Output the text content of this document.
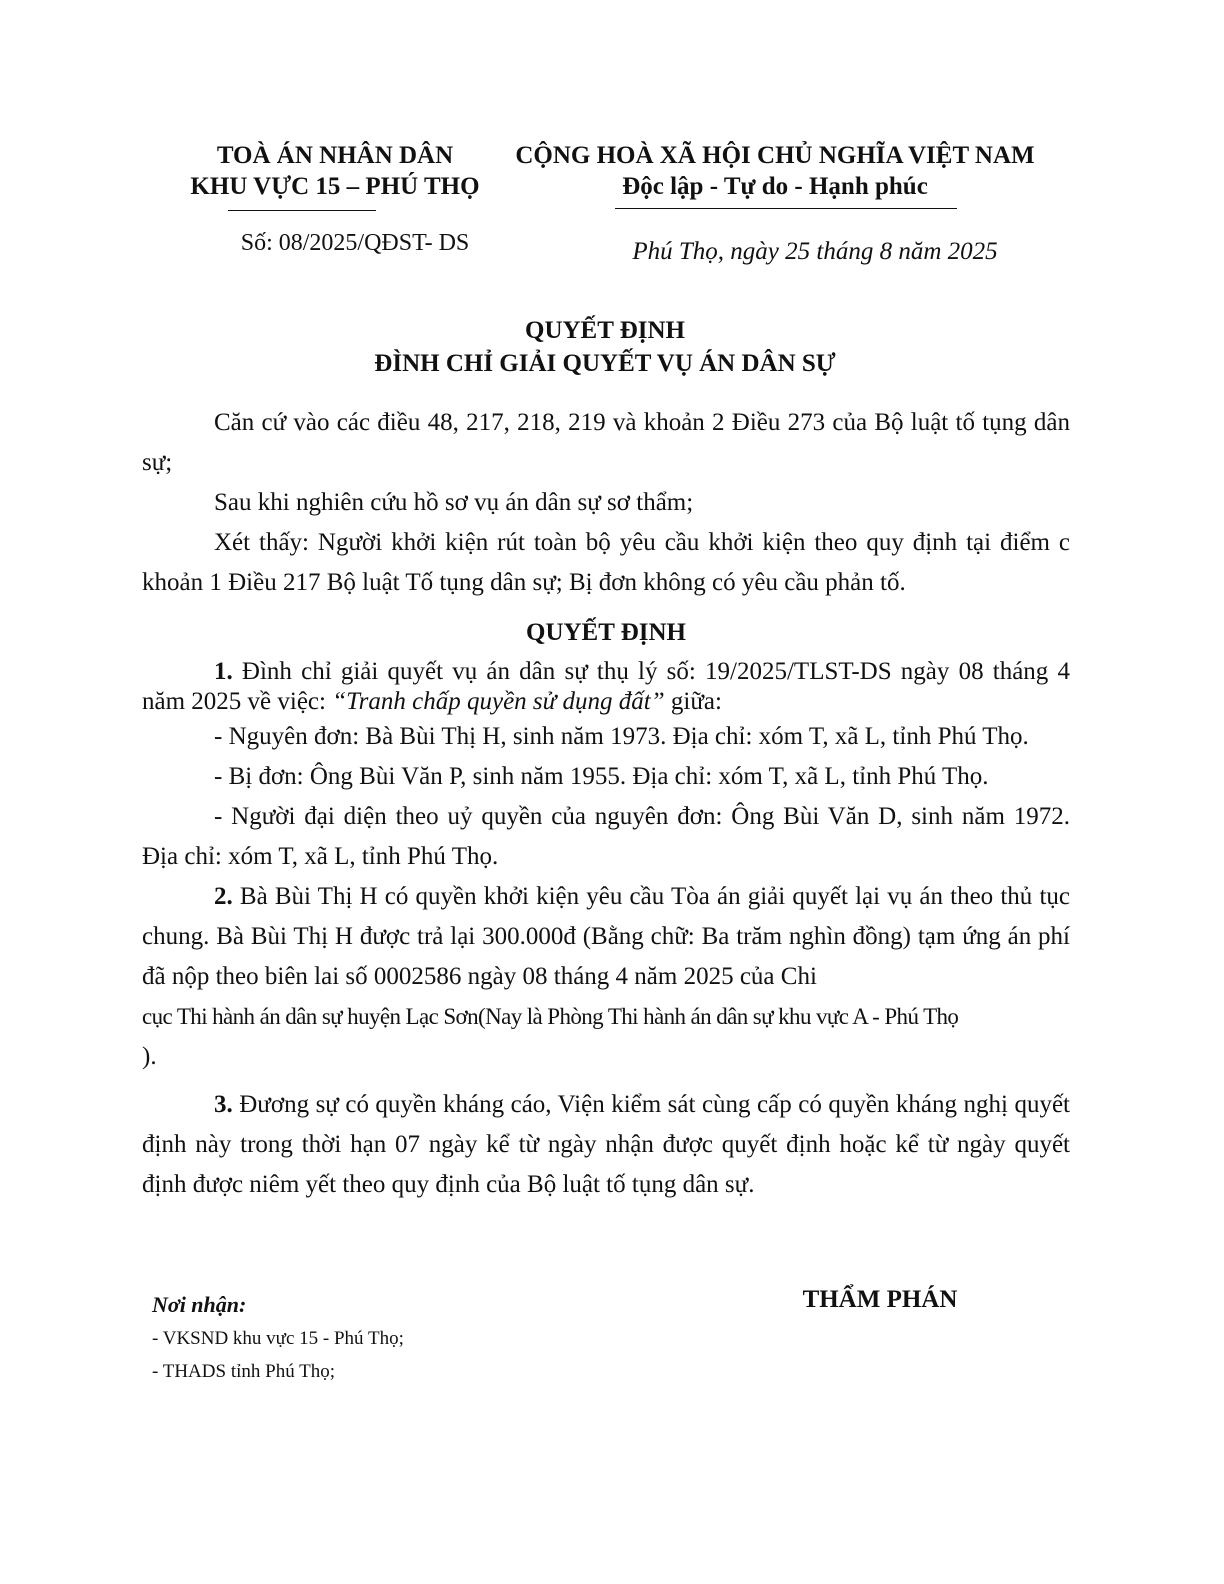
TOÀ ÁN NHÂN DÂN
KHU VỰC 15 – PHÚ THỌ
CỘNG HOÀ XÃ HỘI CHỦ NGHĨA VIỆT NAM
Độc lập - Tự do - Hạnh phúc
Số: 08/2025/QĐST- DS	Phú Thọ, ngày 25 tháng 8 năm 2025
QUYẾT ĐỊNH
ĐÌNH CHỈ GIẢI QUYẾT VỤ ÁN DÂN SỰ

Căn cứ vào các điều 48, 217, 218, 219 và khoản 2 Điều 273 của Bộ luật tố tụng dân sự;

Sau khi nghiên cứu hồ sơ vụ án dân sự sơ thẩm;

Xét thấy: Người khởi kiện rút toàn bộ yêu cầu khởi kiện theo quy định tại điểm c khoản 1 Điều 217 Bộ luật Tố tụng dân sự; Bị đơn không có yêu cầu phản tố.

QUYẾT ĐỊNH

1. Đình chỉ giải quyết vụ án dân sự thụ lý số: 19/2025/TLST-DS ngày 08 tháng 4 năm 2025 về việc: “Tranh chấp quyền sử dụng đất” giữa:

- Nguyên đơn: Bà Bùi Thị H, sinh năm 1973. Địa chỉ: xóm T, xã L, tỉnh Phú Thọ.

- Bị đơn: Ông Bùi Văn P, sinh năm 1955. Địa chỉ: xóm T, xã L, tỉnh Phú Thọ.

- Người đại diện theo uỷ quyền của nguyên đơn: Ông Bùi Văn D, sinh năm 1972. Địa chỉ: xóm T, xã L, tỉnh Phú Thọ.

2. Bà Bùi Thị H có quyền khởi kiện yêu cầu Tòa án giải quyết lại vụ án theo thủ tục chung. Bà Bùi Thị H được trả lại 300.000đ (Bằng chữ: Ba trăm nghìn đồng) tạm ứng án phí đã nộp theo biên lai số 0002586 ngày 08 tháng 4 năm 2025 của Chi

cục Thi hành án dân sự huyện Lạc Sơn(Nay là Phòng Thi hành án dân sự khu vực A - Phú Thọ

).

3. Đương sự có quyền kháng cáo, Viện kiểm sát cùng cấp có quyền kháng nghị quyết định này trong thời hạn 07 ngày kể từ ngày nhận được quyết định hoặc kể từ ngày quyết định được niêm yết theo quy định của Bộ luật tố tụng dân sự.

Nơi nhận:
- VKSND khu vực 15 - Phú Thọ;
- THADS tỉnh Phú Thọ;
THẨM PHÁN
